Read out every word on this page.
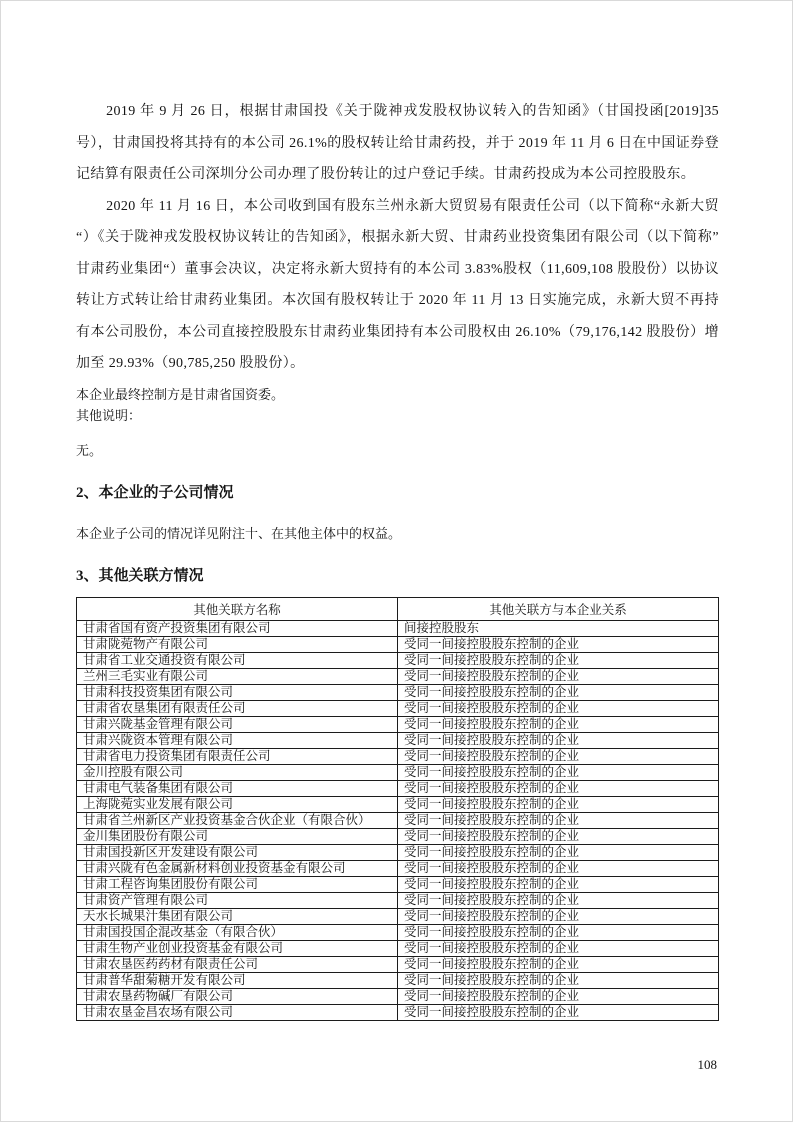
2019 年 9 月 26 日，根据甘肃国投《关于陇神戎发股权协议转入的告知函》（甘国投函[2019]35 号），甘肃国投将其持有的本公司 26.1%的股权转让给甘肃药投，并于 2019 年 11 月 6 日在中国证券登记结算有限责任公司深圳分公司办理了股份转让的过户登记手续。甘肃药投成为本公司控股股东。

2020 年 11 月 16 日，本公司收到国有股东兰州永新大贸贸易有限责任公司（以下简称“永新大贸“）《关于陇神戎发股权协议转让的告知函》，根据永新大贸、甘肃药业投资集团有限公司（以下简称”甘肃药业集团“）董事会决议，决定将永新大贸持有的本公司 3.83%股权（11,609,108 股股份）以协议转让方式转让给甘肃药业集团。本次国有股权转让于 2020 年 11 月 13 日实施完成，永新大贸不再持有本公司股份，本公司直接控股股东甘肃药业集团持有本公司股权由 26.10%（79,176,142 股股份）增加至 29.93%（90,785,250 股股份）。

本企业最终控制方是甘肃省国资委。

其他说明：

无。

2、本企业的子公司情况

本企业子公司的情况详见附注十、在其他主体中的权益。

3、其他关联方情况
其他关联方名称	其他关联方与本企业关系
甘肃省国有资产投资集团有限公司	间接控股股东
甘肃陇菀物产有限公司	受同一间接控股股东控制的企业
甘肃省工业交通投资有限公司	受同一间接控股股东控制的企业
兰州三毛实业有限公司	受同一间接控股股东控制的企业
甘肃科技投资集团有限公司	受同一间接控股股东控制的企业
甘肃省农垦集团有限责任公司	受同一间接控股股东控制的企业
甘肃兴陇基金管理有限公司	受同一间接控股股东控制的企业
甘肃兴陇资本管理有限公司	受同一间接控股股东控制的企业
甘肃省电力投资集团有限责任公司	受同一间接控股股东控制的企业
金川控股有限公司	受同一间接控股股东控制的企业
甘肃电气装备集团有限公司	受同一间接控股股东控制的企业
上海陇菀实业发展有限公司	受同一间接控股股东控制的企业
甘肃省兰州新区产业投资基金合伙企业（有限合伙）	受同一间接控股股东控制的企业
金川集团股份有限公司	受同一间接控股股东控制的企业
甘肃国投新区开发建设有限公司	受同一间接控股股东控制的企业
甘肃兴陇有色金属新材料创业投资基金有限公司	受同一间接控股股东控制的企业
甘肃工程咨询集团股份有限公司	受同一间接控股股东控制的企业
甘肃资产管理有限公司	受同一间接控股股东控制的企业
天水长城果汁集团有限公司	受同一间接控股股东控制的企业
甘肃国投国企混改基金（有限合伙）	受同一间接控股股东控制的企业
甘肃生物产业创业投资基金有限公司	受同一间接控股股东控制的企业
甘肃农垦医药药材有限责任公司	受同一间接控股股东控制的企业
甘肃普华甜菊糖开发有限公司	受同一间接控股股东控制的企业
甘肃农垦药物碱厂有限公司	受同一间接控股股东控制的企业
甘肃农垦金昌农场有限公司	受同一间接控股股东控制的企业
108
